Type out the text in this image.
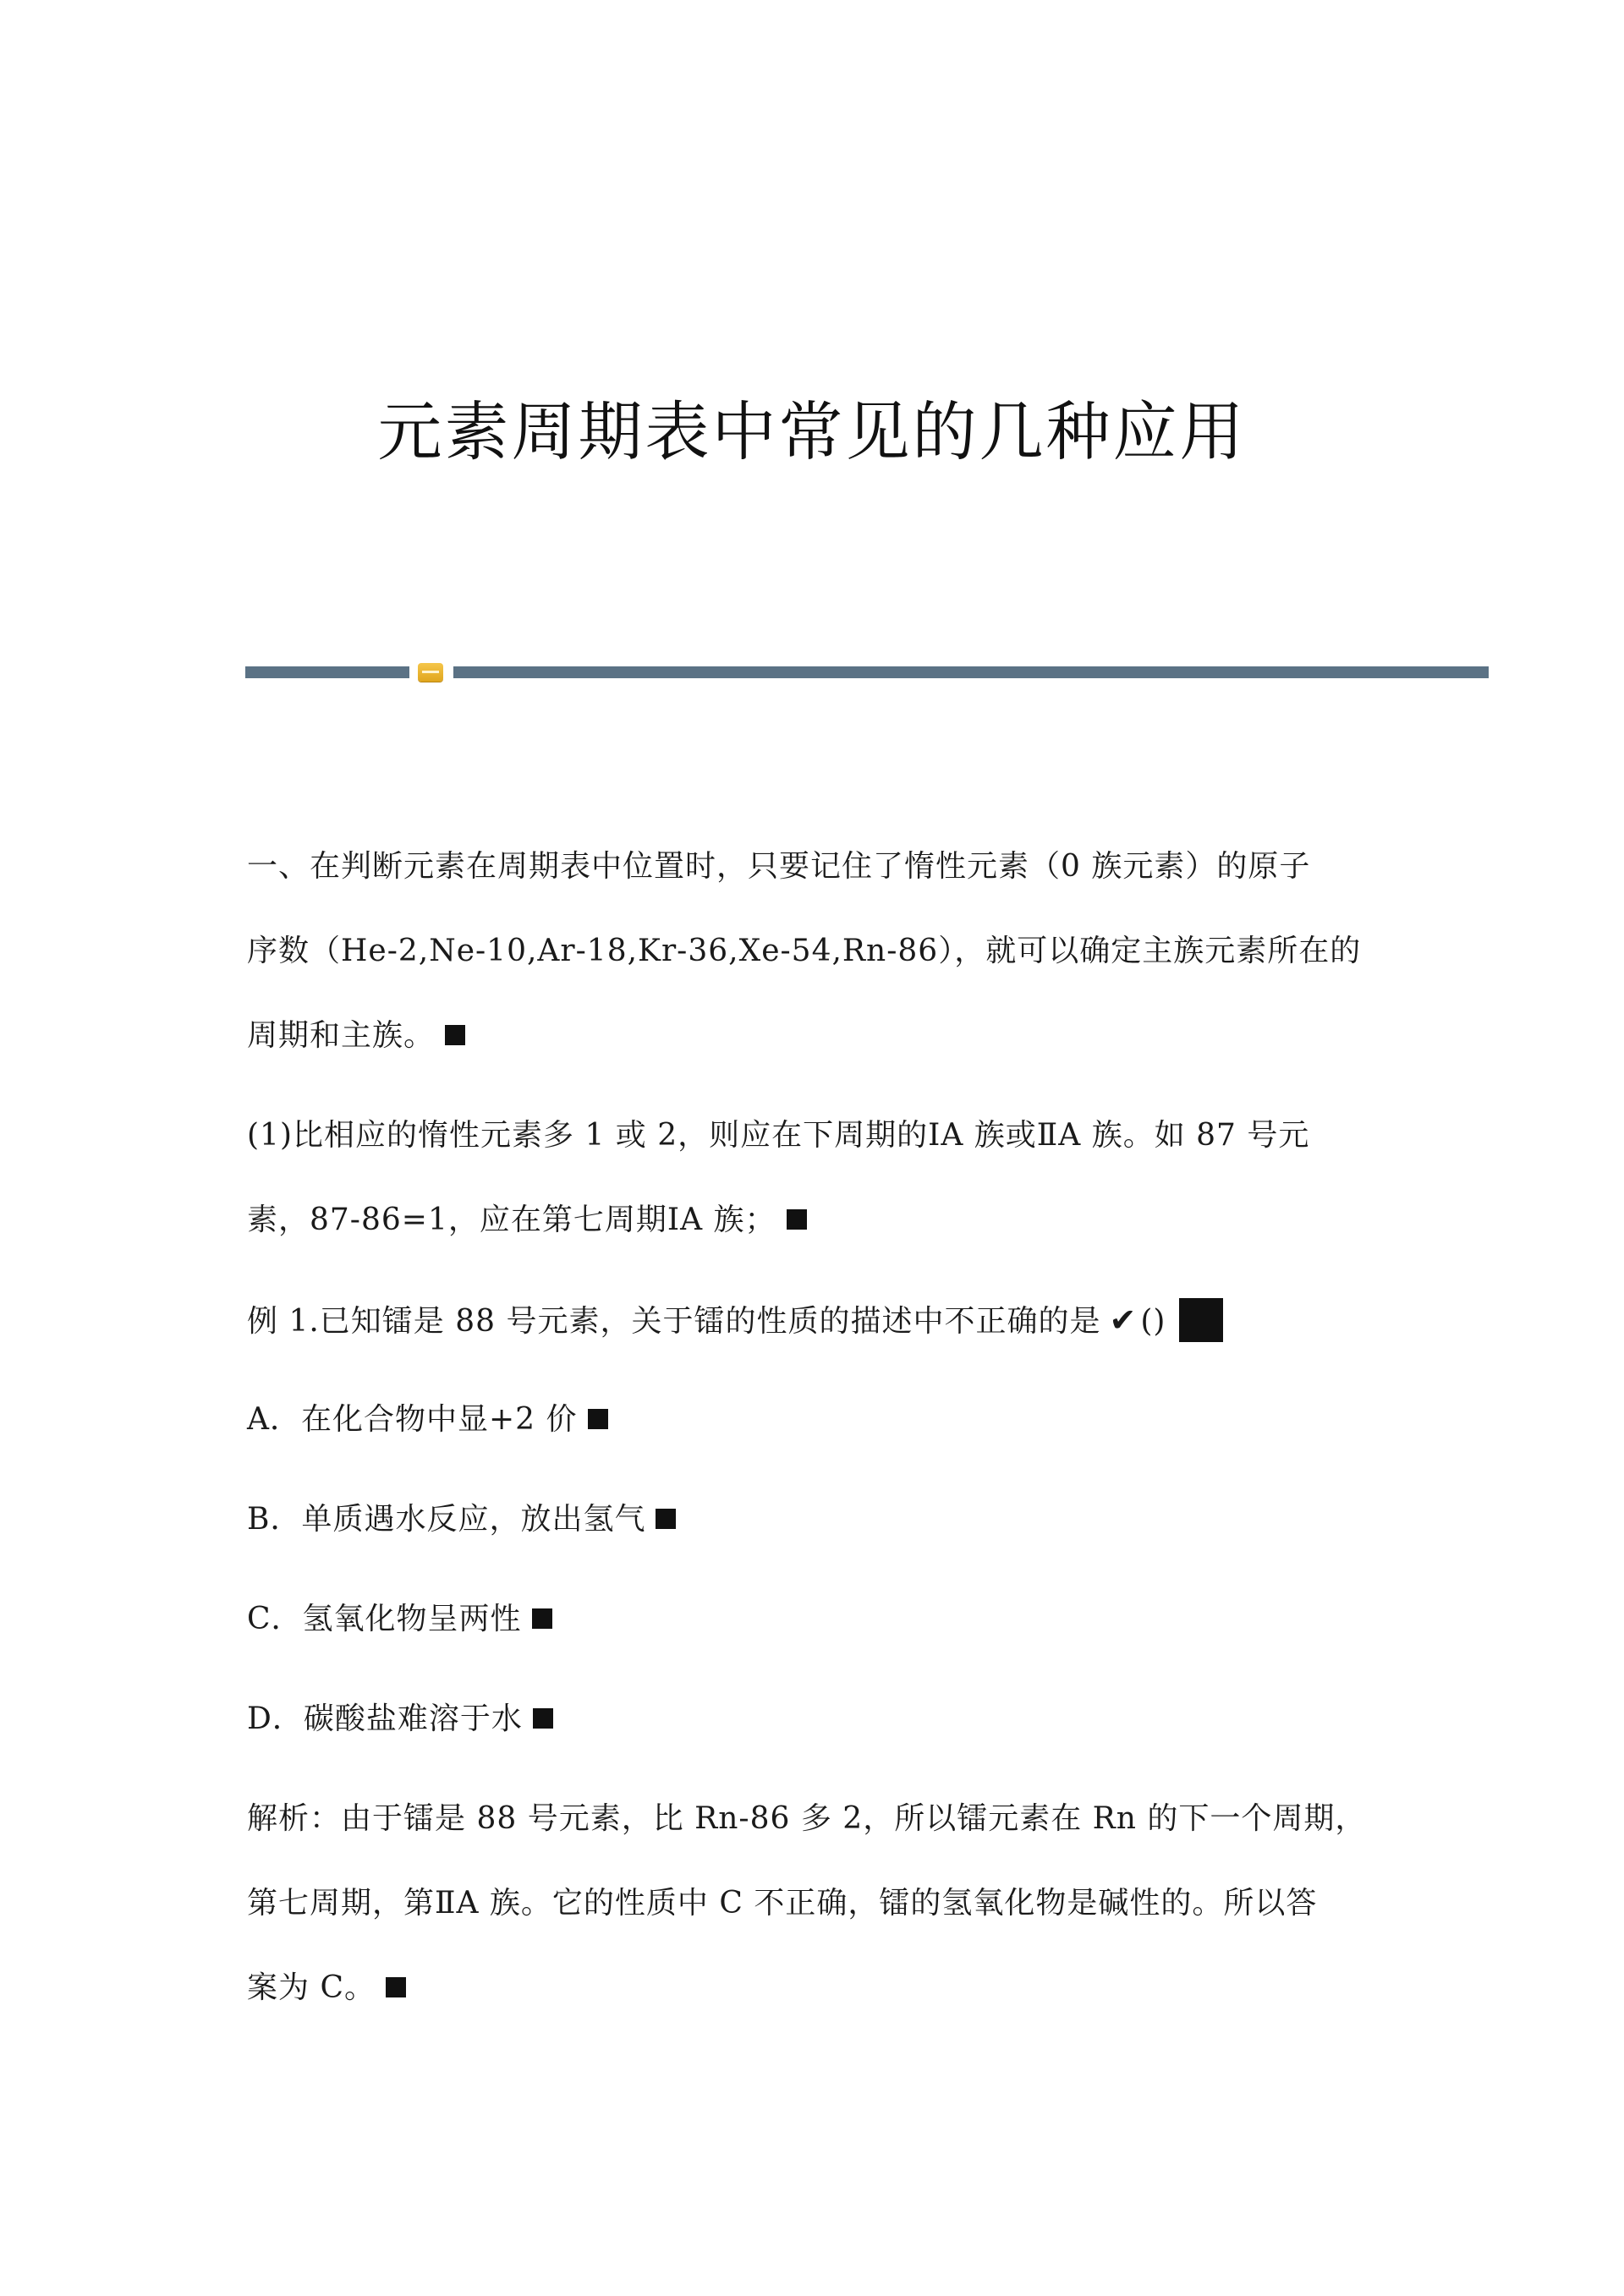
元素周期表中常见的几种应用
一、在判断元素在周期表中位置时，只要记住了惰性元素（0 族元素）的原子
序数（He-2,Ne-10,Ar-18,Kr-36,Xe-54,Rn-86），就可以确定主族元素所在的
周期和主族。
(1)比相应的惰性元素多 1 或 2，则应在下周期的ⅠA 族或ⅡA 族。如 87 号元
素，87-86=1，应在第七周期ⅠA 族；
例 1.已知镭是 88 号元素，关于镭的性质的描述中不正确的是 ✔ ()
A．在化合物中显+2 价
B．单质遇水反应，放出氢气
C．氢氧化物呈两性
D．碳酸盐难溶于水
解析：由于镭是 88 号元素，比 Rn-86 多 2，所以镭元素在 Rn 的下一个周期，
第七周期，第ⅡA 族。它的性质中 C 不正确，镭的氢氧化物是碱性的。所以答
案为 C。
